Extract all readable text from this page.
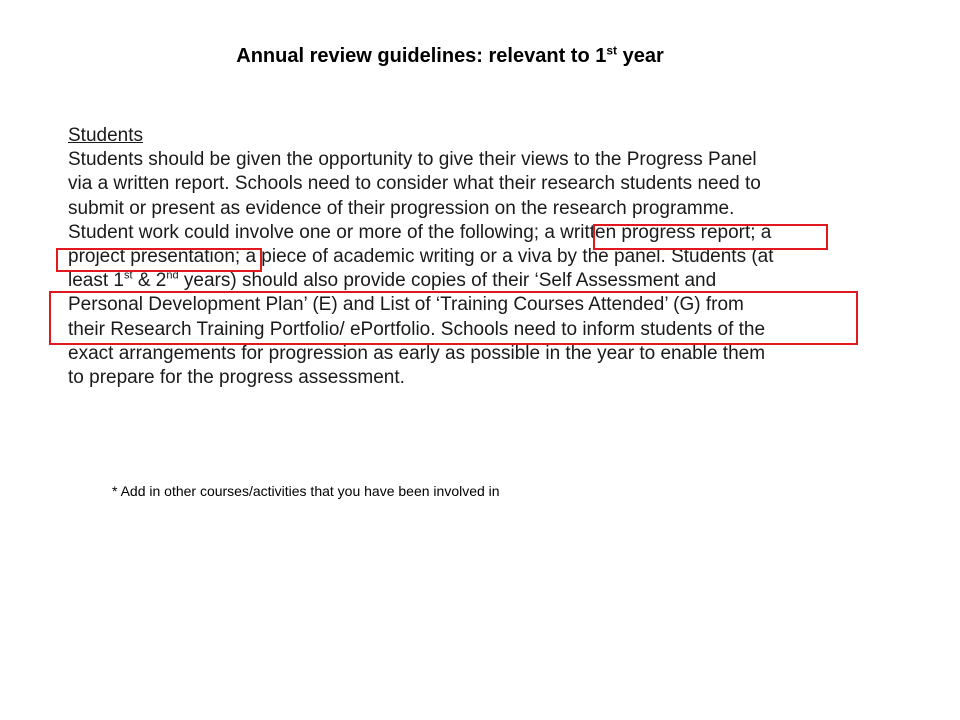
Annual review guidelines: relevant to 1st year
Students
Students should be given the opportunity to give their views to the Progress Panel
via a written report. Schools need to consider what their research students need to
submit or present as evidence of their progression on the research programme.
Student work could involve one or more of the following; a written progress report; a
project presentation; a piece of academic writing or a viva by the panel. Students (at
least 1st & 2nd years) should also provide copies of their ‘Self Assessment and
Personal Development Plan’ (E) and List of ‘Training Courses Attended’ (G) from
their Research Training Portfolio/ ePortfolio. Schools need to inform students of the
exact arrangements for progression as early as possible in the year to enable them
to prepare for the progress assessment.
* Add in other courses/activities that you have been involved in
